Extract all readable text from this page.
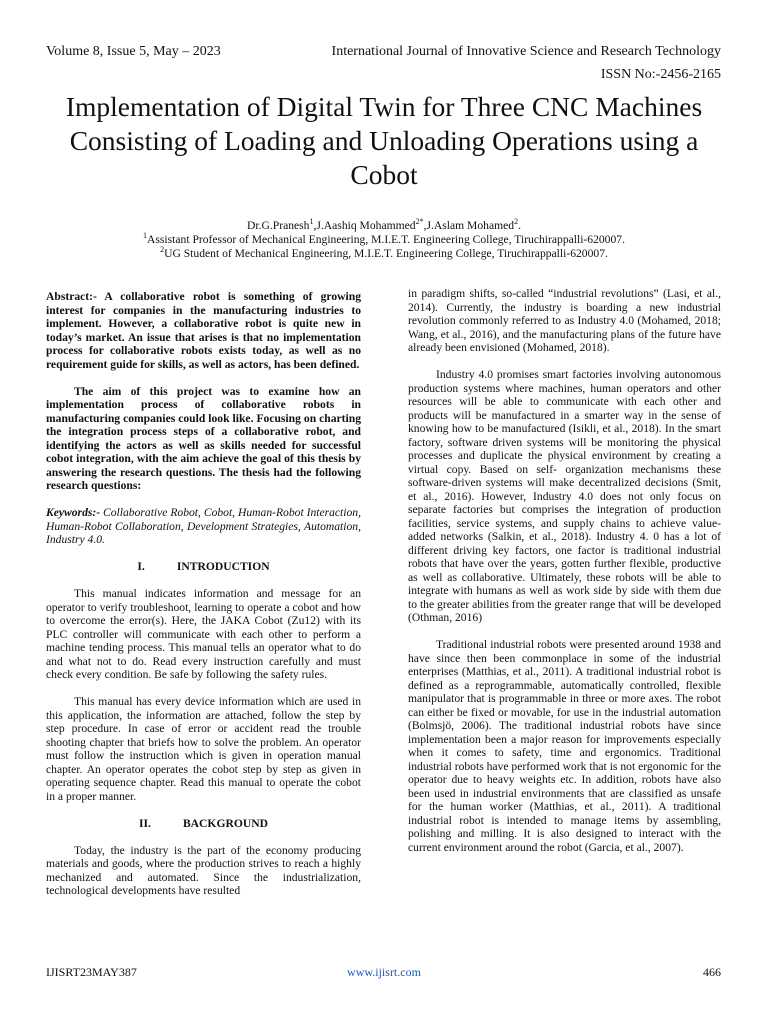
Volume 8, Issue 5, May – 2023	International Journal of Innovative Science and Research Technology
ISSN No:-2456-2165
Implementation of Digital Twin for Three CNC Machines Consisting of Loading and Unloading Operations using a Cobot
Dr.G.Pranesh$^1$,J.Aashiq Mohammed$^{2*}$,J.Aslam Mohamed$^2$.
$^1$Assistant Professor of Mechanical Engineering, M.I.E.T. Engineering College, Tiruchirappalli-620007.
$^2$UG Student of Mechanical Engineering, M.I.E.T. Engineering College, Tiruchirappalli-620007.

Abstract:- A collaborative robot is something of growing interest for companies in the manufacturing industries to implement. However, a collaborative robot is quite new in today’s market. An issue that arises is that no implementation process for collaborative robots exists today, as well as no requirement guide for skills, as well as actors, has been defined.

The aim of this project was to examine how an implementation process of collaborative robots in manufacturing companies could look like. Focusing on charting the integration process steps of a collaborative robot, and identifying the actors as well as skills needed for successful cobot integration, with the aim achieve the goal of this thesis by answering the research questions. The thesis had the following research questions:

Keywords:- Collaborative Robot, Cobot, Human-Robot Interaction, Human-Robot Collaboration, Development Strategies, Automation, Industry 4.0.

I.	INTRODUCTION

This manual indicates information and message for an operator to verify troubleshoot, learning to operate a cobot and how to overcome the error(s). Here, the JAKA Cobot (Zu12) with its PLC controller will communicate with each other to perform a machine tending process. This manual tells an operator what to do and what not to do. Read every instruction carefully and must check every condition. Be safe by following the safety rules.

This manual has every device information which are used in this application, the information are attached, follow the step by step procedure. In case of error or accident read the trouble shooting chapter that briefs how to solve the problem. An operator must follow the instruction which is given in operation manual chapter. An operator operates the cobot step by step as given in operating sequence chapter. Read this manual to operate the cobot in a proper manner.

II.	BACKGROUND

Today, the industry is the part of the economy producing materials and goods, where the production strives to reach a highly mechanized and automated. Since the industrialization, technological developments have resulted

in paradigm shifts, so-called “industrial revolutions” (Lasi, et al., 2014). Currently, the industry is boarding a new industrial revolution commonly referred to as Industry 4.0 (Mohamed, 2018; Wang, et al., 2016), and the manufacturing plans of the future have already been envisioned (Mohamed, 2018).

Industry 4.0 promises smart factories involving autonomous production systems where machines, human operators and other resources will be able to communicate with each other and products will be manufactured in a smarter way in the sense of knowing how to be manufactured (Isikli, et al., 2018). In the smart factory, software driven systems will be monitoring the physical processes and duplicate the physical environment by creating a virtual copy. Based on self- organization mechanisms these software-driven systems will make decentralized decisions (Smit, et al., 2016). However, Industry 4.0 does not only focus on separate factories but comprises the integration of production facilities, service systems, and supply chains to achieve value-added networks (Salkin, et al., 2018). Industry 4. 0 has a lot of different driving key factors, one factor is traditional industrial robots that have over the years, gotten further flexible, productive as well as collaborative. Ultimately, these robots will be able to integrate with humans as well as work side by side with them due to the greater abilities from the greater range that will be developed (Othman, 2016)

Traditional industrial robots were presented around 1938 and have since then been commonplace in some of the industrial enterprises (Matthias, et al., 2011). A traditional industrial robot is defined as a reprogrammable, automatically controlled, flexible manipulator that is programmable in three or more axes. The robot can either be fixed or movable, for use in the industrial automation (Bolmsjö, 2006). The traditional industrial robots have since implementation been a major reason for improvements especially when it comes to safety, time and ergonomics. Traditional industrial robots have performed work that is not ergonomic for the operator due to heavy weights etc. In addition, robots have also been used in industrial environments that are classified as unsafe for the human worker (Matthias, et al., 2011). A traditional industrial robot is intended to manage items by assembling, polishing and milling. It is also designed to interact with the current environment around the robot (Garcia, et al., 2007).

IJISRT23MAY387	www.ijisrt.com	466
